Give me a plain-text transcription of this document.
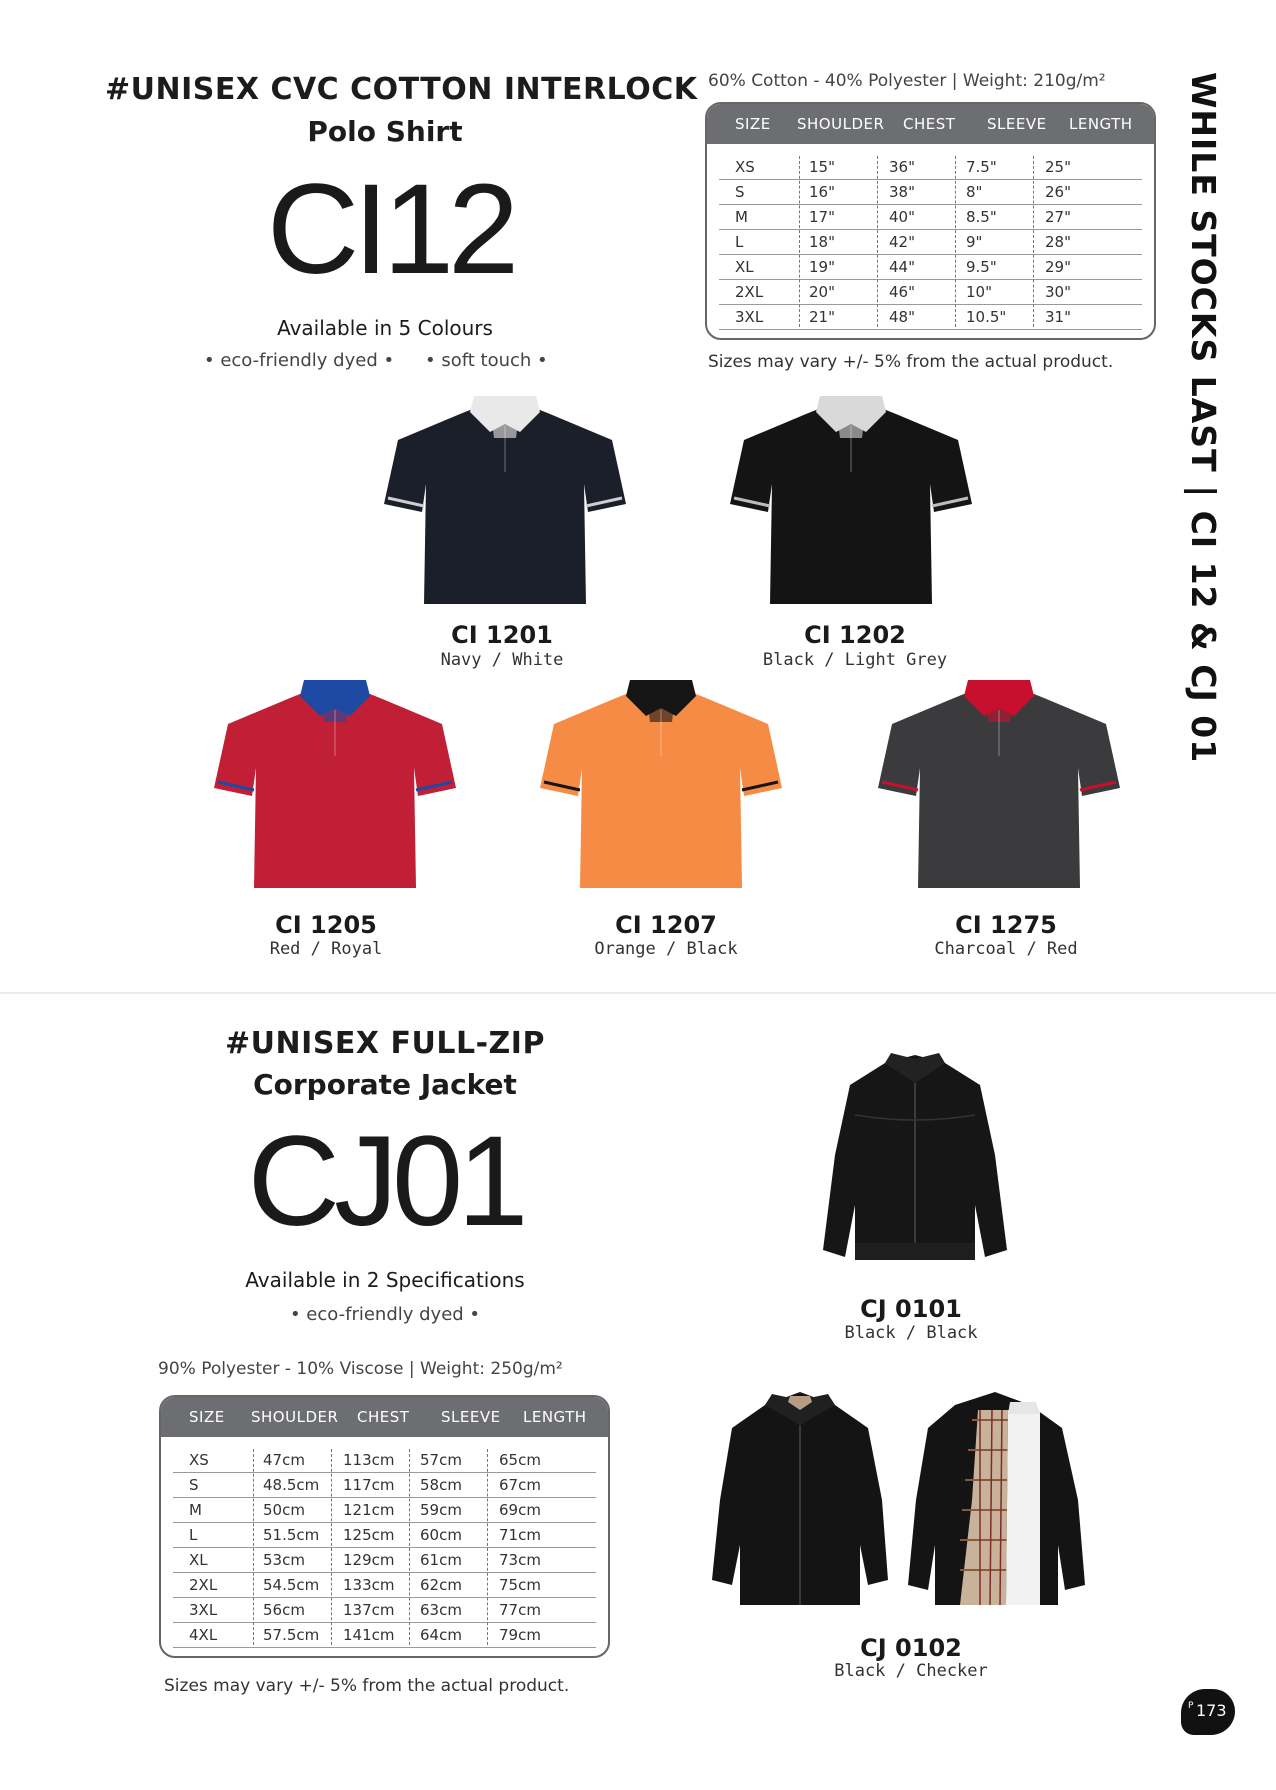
WHILE STOCKS LAST | CI 12 & CJ 01
#UNISEX CVC COTTON INTERLOCK
Polo Shirt
CI12
Available in 5 Colours
• eco-friendly dyed • • soft touch •
60% Cotton - 40% Polyester | Weight: 210g/m²
SIZE SHOULDER CHEST SLEEVE LENGTH
XS	15"	36"	7.5"	25"
S	16"	38"	8"	26"
M	17"	40"	8.5"	27"
L	18"	42"	9"	28"
XL	19"	44"	9.5"	29"
2XL	20"	46"	10"	30"
3XL	21"	48"	10.5"	31"
Sizes may vary +/- 5% from the actual product.
CI 1201
Navy / White
CI 1202
Black / Light Grey
CI 1205
Red / Royal
CI 1207
Orange / Black
CI 1275
Charcoal / Red
#UNISEX FULL-ZIP
Corporate Jacket
CJ01
Available in 2 Specifications
• eco-friendly dyed •
90% Polyester - 10% Viscose | Weight: 250g/m²
SIZE SHOULDER CHEST SLEEVE LENGTH
XS	47cm	113cm 57cm 65cm
S	48.5cm 117cm 58cm 67cm
M	50cm	121cm 59cm 69cm
L	51.5cm 125cm 60cm 71cm
XL	53cm	129cm 61cm 73cm
2XL	54.5cm 133cm 62cm 75cm
3XL	56cm	137cm 63cm 77cm
4XL	57.5cm 141cm 64cm 79cm
Sizes may vary +/- 5% from the actual product.
CJ 0101
Black / Black
CJ 0102
Black / Checker
P 173
